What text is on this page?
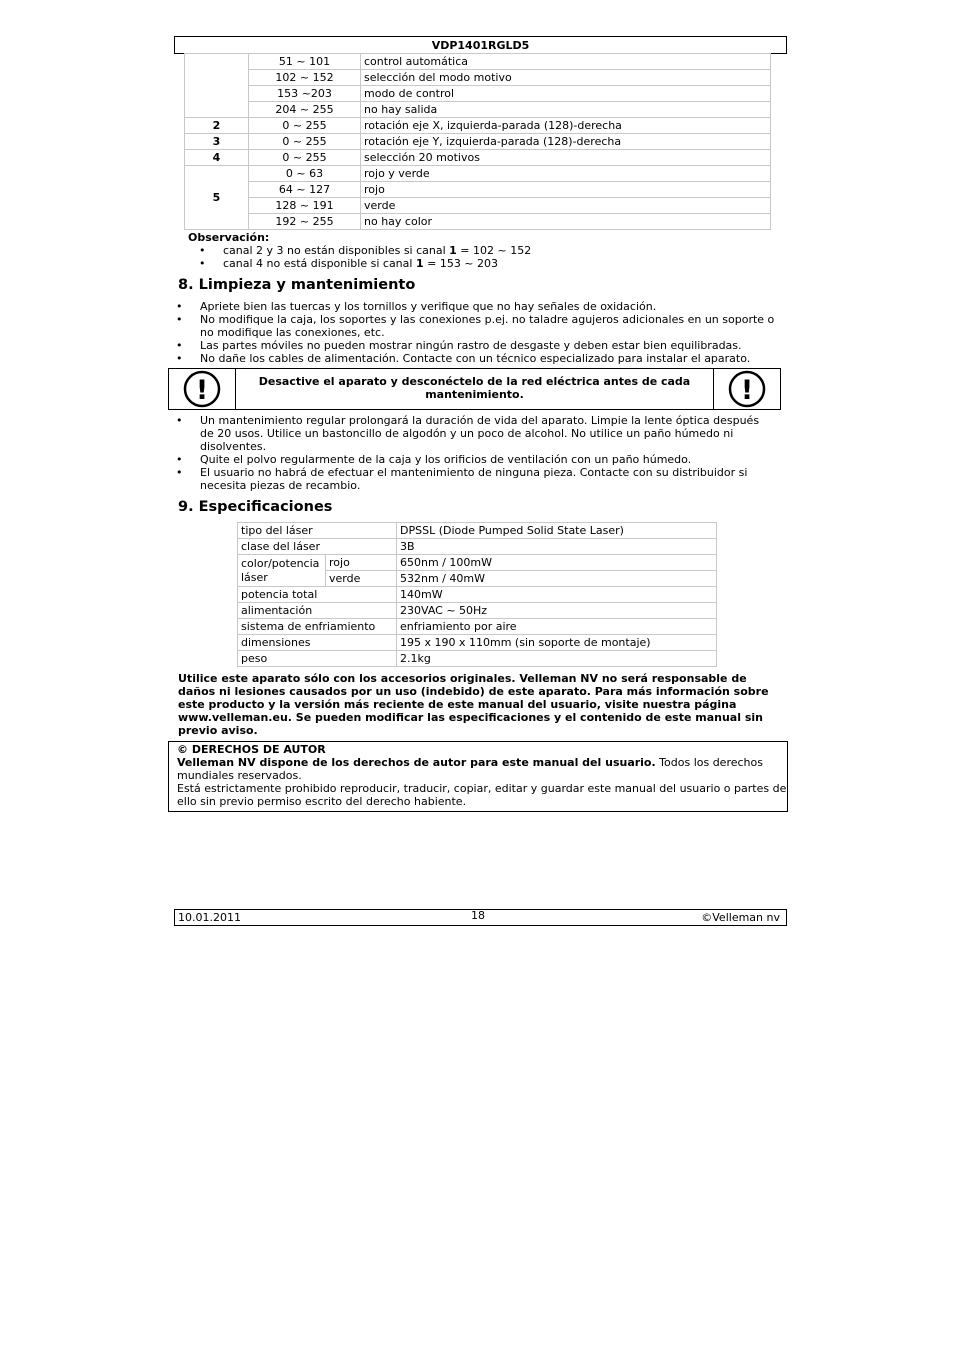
VDP1401RGLD5
	51 ~ 101	control automática
	102 ~ 152	selección del modo motivo
	153 ~203	modo de control
	204 ~ 255	no hay salida
2	0 ~ 255	rotación eje X, izquierda-parada (128)-derecha
3	0 ~ 255	rotación eje Y, izquierda-parada (128)-derecha
4	0 ~ 255	selección 20 motivos
5	0 ~ 63	rojo y verde
	64 ~ 127	rojo
	128 ~ 191	verde
	192 ~ 255	no hay color
Observación:
• canal 2 y 3 no están disponibles si canal 1 = 102 ~ 152
• canal 4 no está disponible si canal 1 = 153 ~ 203
8. Limpieza y mantenimiento
• Apriete bien las tuercas y los tornillos y verifique que no hay señales de oxidación.
• No modifique la caja, los soportes y las conexiones p.ej. no taladre agujeros adicionales en un soporte o no modifique las conexiones, etc.
• Las partes móviles no pueden mostrar ningún rastro de desgaste y deben estar bien equilibradas.
• No dañe los cables de alimentación. Contacte con un técnico especializado para instalar el aparato.
!	Desactive el aparato y desconéctelo de la red eléctrica antes de cada mantenimiento.	!
• Un mantenimiento regular prolongará la duración de vida del aparato. Limpie la lente óptica después de 20 usos. Utilice un bastoncillo de algodón y un poco de alcohol. No utilice un paño húmedo ni disolventes.
• Quite el polvo regularmente de la caja y los orificios de ventilación con un paño húmedo.
• El usuario no habrá de efectuar el mantenimiento de ninguna pieza. Contacte con su distribuidor si necesita piezas de recambio.
9. Especificaciones
tipo del láser		DPSSL (Diode Pumped Solid State Laser)
clase del láser		3B
color/potencia láser	rojo	650nm / 100mW
	verde	532nm / 40mW
potencia total		140mW
alimentación		230VAC ~ 50Hz
sistema de enfriamiento		enfriamiento por aire
dimensiones		195 x 190 x 110mm (sin soporte de montaje)
peso		2.1kg
Utilice este aparato sólo con los accesorios originales. Velleman NV no será responsable de daños ni lesiones causados por un uso (indebido) de este aparato. Para más información sobre este producto y la versión más reciente de este manual del usuario, visite nuestra página www.velleman.eu. Se pueden modificar las especificaciones y el contenido de este manual sin previo aviso.
© DERECHOS DE AUTOR
Velleman NV dispone de los derechos de autor para este manual del usuario. Todos los derechos mundiales reservados.
Está estrictamente prohibido reproducir, traducir, copiar, editar y guardar este manual del usuario o partes de ello sin previo permiso escrito del derecho habiente.
10.01.2011	18	©Velleman nv
